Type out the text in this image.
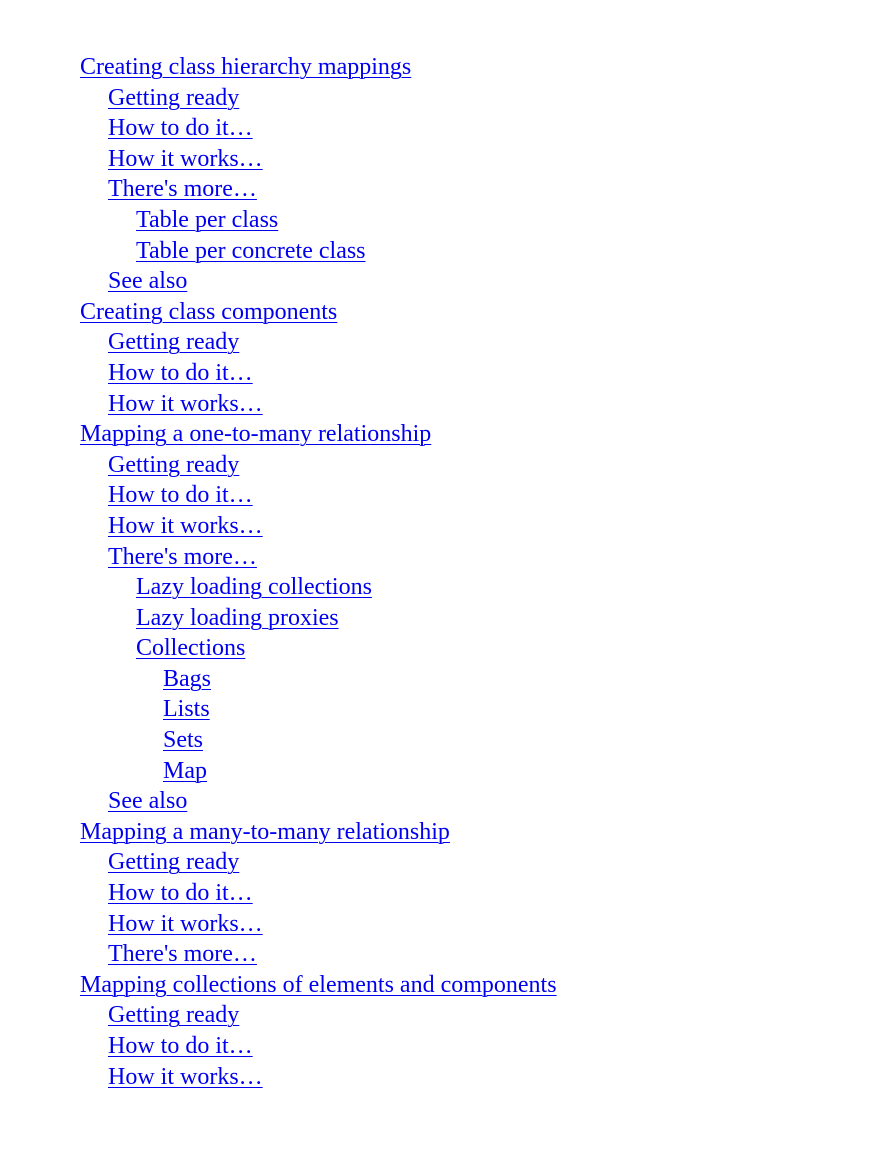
Creating class hierarchy mappings
Getting ready
How to do it…
How it works…
There's more…
Table per class
Table per concrete class
See also
Creating class components
Getting ready
How to do it…
How it works…
Mapping a one-to-many relationship
Getting ready
How to do it…
How it works…
There's more…
Lazy loading collections
Lazy loading proxies
Collections
Bags
Lists
Sets
Map
See also
Mapping a many-to-many relationship
Getting ready
How to do it…
How it works…
There's more…
Mapping collections of elements and components
Getting ready
How to do it…
How it works…
